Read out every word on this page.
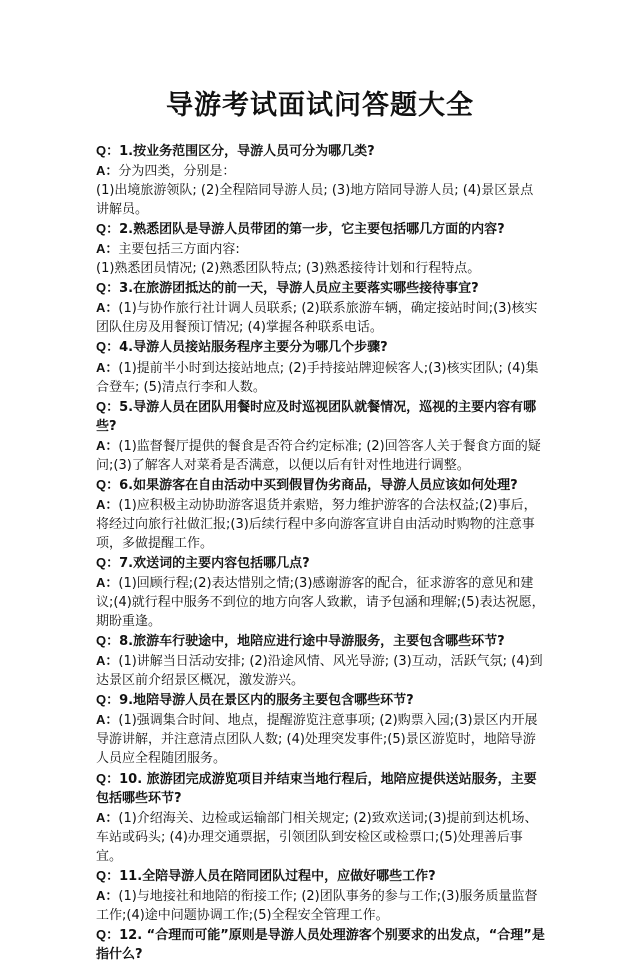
导游考试面试问答题大全

Q：1.按业务范围区分，导游人员可分为哪几类?

A：分为四类，分别是：

(1)出境旅游领队; (2)全程陪同导游人员; (3)地方陪同导游人员; (4)景区景点讲解员。

Q：2.熟悉团队是导游人员带团的第一步，它主要包括哪几方面的内容?

A：主要包括三方面内容:

(1)熟悉团员情况; (2)熟悉团队特点; (3)熟悉接待计划和行程特点。

Q：3.在旅游团抵达的前一天，导游人员应主要落实哪些接待事宜?

A：(1)与协作旅行社计调人员联系; (2)联系旅游车辆，确定接站时间;(3)核实团队住房及用餐预订情况; (4)掌握各种联系电话。

Q：4.导游人员接站服务程序主要分为哪几个步骤?

A：(1)提前半小时到达接站地点; (2)手持接站牌迎候客人;(3)核实团队; (4)集合登车; (5)清点行李和人数。

Q：5.导游人员在团队用餐时应及时巡视团队就餐情况，巡视的主要内容有哪些?

A：(1)监督餐厅提供的餐食是否符合约定标准; (2)回答客人关于餐食方面的疑问;(3)了解客人对菜肴是否满意，以便以后有针对性地进行调整。

Q：6.如果游客在自由活动中买到假冒伪劣商品，导游人员应该如何处理?

A：(1)应积极主动协助游客退货并索赔，努力维护游客的合法权益;(2)事后，将经过向旅行社做汇报;(3)后续行程中多向游客宣讲自由活动时购物的注意事项，多做提醒工作。

Q：7.欢送词的主要内容包括哪几点?

A：(1)回顾行程;(2)表达惜别之情;(3)感谢游客的配合，征求游客的意见和建议;(4)就行程中服务不到位的地方向客人致歉，请予包涵和理解;(5)表达祝愿，期盼重逢。

Q：8.旅游车行驶途中，地陪应进行途中导游服务，主要包含哪些环节?

A：(1)讲解当日活动安排; (2)沿途风情、风光导游; (3)互动，活跃气氛; (4)到达景区前介绍景区概况，激发游兴。

Q：9.地陪导游人员在景区内的服务主要包含哪些环节?

A：(1)强调集合时间、地点，提醒游览注意事项; (2)购票入园;(3)景区内开展导游讲解，并注意清点团队人数; (4)处理突发事件;(5)景区游览时，地陪导游人员应全程随团服务。

Q：10. 旅游团完成游览项目并结束当地行程后，地陪应提供送站服务，主要包括哪些环节?

A：(1)介绍海关、边检或运输部门相关规定; (2)致欢送词;(3)提前到达机场、车站或码头; (4)办理交通票据，引领团队到安检区或检票口;(5)处理善后事宜。

Q：11.全陪导游人员在陪同团队过程中，应做好哪些工作?

A：(1)与地接社和地陪的衔接工作; (2)团队事务的参与工作;(3)服务质量监督工作;(4)途中问题协调工作;(5)全程安全管理工作。

Q：12. “合理而可能”原则是导游人员处理游客个别要求的出发点，“合理”是指什么?
